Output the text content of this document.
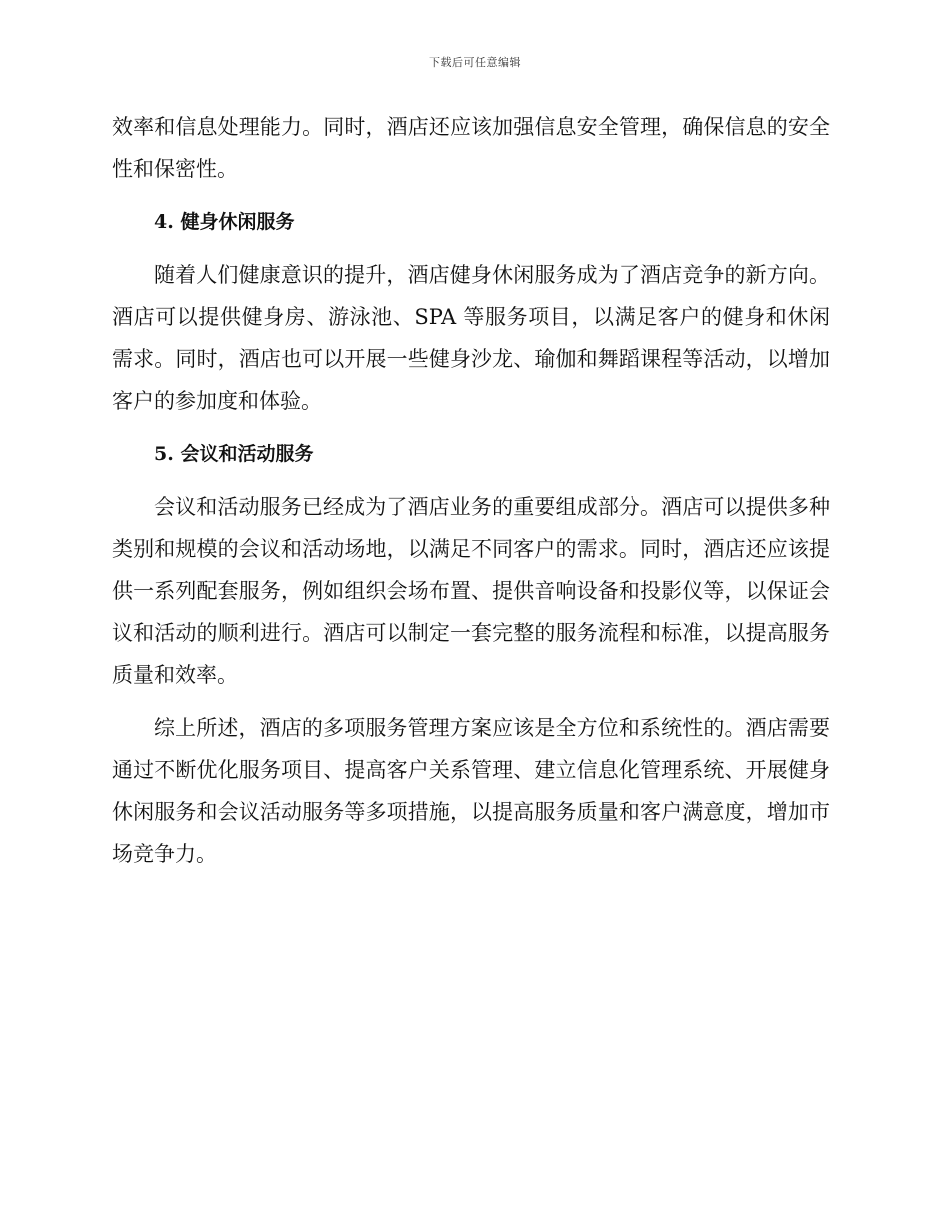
下载后可任意编辑

效率和信息处理能力。同时，酒店还应该加强信息安全管理，确保信息的安全性和保密性。

4. 健身休闲服务

随着人们健康意识的提升，酒店健身休闲服务成为了酒店竞争的新方向。酒店可以提供健身房、游泳池、SPA 等服务项目，以满足客户的健身和休闲需求。同时，酒店也可以开展一些健身沙龙、瑜伽和舞蹈课程等活动，以增加客户的参加度和体验。

5. 会议和活动服务

会议和活动服务已经成为了酒店业务的重要组成部分。酒店可以提供多种类别和规模的会议和活动场地，以满足不同客户的需求。同时，酒店还应该提供一系列配套服务，例如组织会场布置、提供音响设备和投影仪等，以保证会议和活动的顺利进行。酒店可以制定一套完整的服务流程和标准，以提高服务质量和效率。

综上所述，酒店的多项服务管理方案应该是全方位和系统性的。酒店需要通过不断优化服务项目、提高客户关系管理、建立信息化管理系统、开展健身休闲服务和会议活动服务等多项措施，以提高服务质量和客户满意度，增加市场竞争力。
